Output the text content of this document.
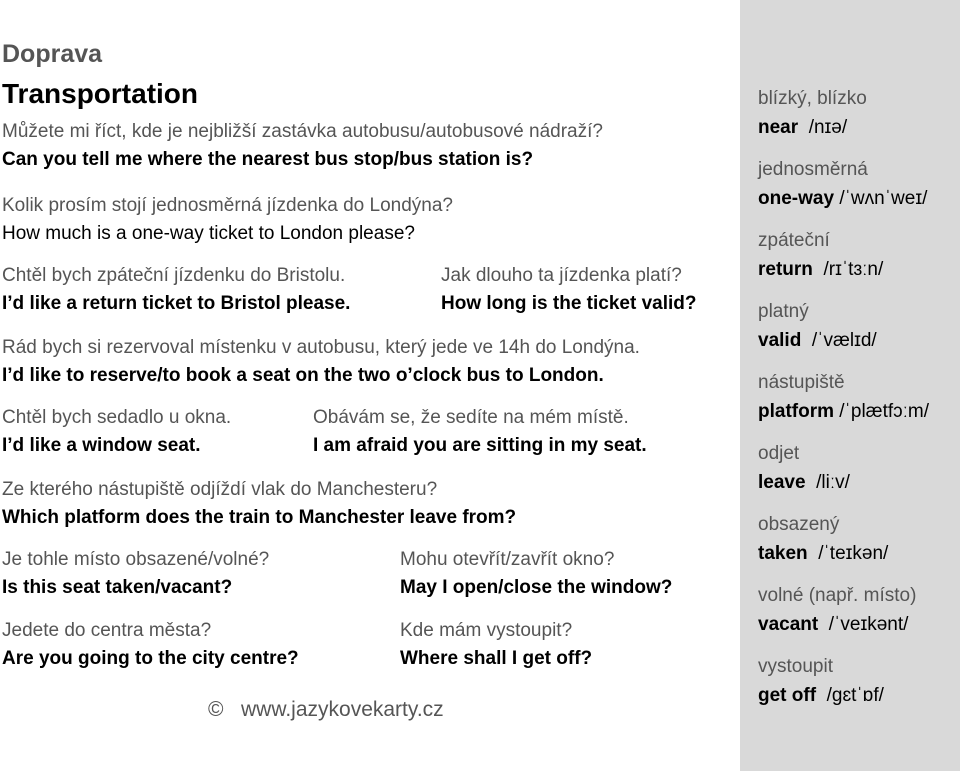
Doprava
Transportation
Můžete mi říct, kde je nejbližší zastávka autobusu/autobusové nádraží?
Can you tell me where the nearest bus stop/bus station is?
Kolik prosím stojí jednosměrná jízdenka do Londýna?
How much is a one-way ticket to London please?
Chtěl bych zpáteční jízdenku do Bristolu.
I’d like a return ticket to Bristol please.
Jak dlouho ta jízdenka platí?
How long is the ticket valid?
Rád bych si rezervoval místenku v autobusu, který jede ve 14h do Londýna.
I’d like to reserve/to book a seat on the two o’clock bus to London.
Chtěl bych sedadlo u okna.
I’d like a window seat.
Obávám se, že sedíte na mém místě.
I am afraid you are sitting in my seat.
Ze kterého nástupiště odjíždí vlak do Manchesteru?
Which platform does the train to Manchester leave from?
Je tohle místo obsazené/volné?
Is this seat taken/vacant?
Mohu otevřít/zavřít okno?
May I open/close the window?
Jedete do centra města?
Are you going to the city centre?
Kde mám vystoupit?
Where shall I get off?
© www.jazykovekarty.cz
blízký, blízko
near /nɪə/
jednosměrná
one-way /ˈwʌnˈweɪ/
zpáteční
return /rɪˈtɜːn/
platný
valid /ˈvælɪd/
nástupiště
platform /ˈplætfɔːm/
odjet
leave /liːv/
obsazený
taken /ˈteɪkən/
volné (např. místo)
vacant /ˈveɪkənt/
vystoupit
get off /ɡɛtˈɒf/
